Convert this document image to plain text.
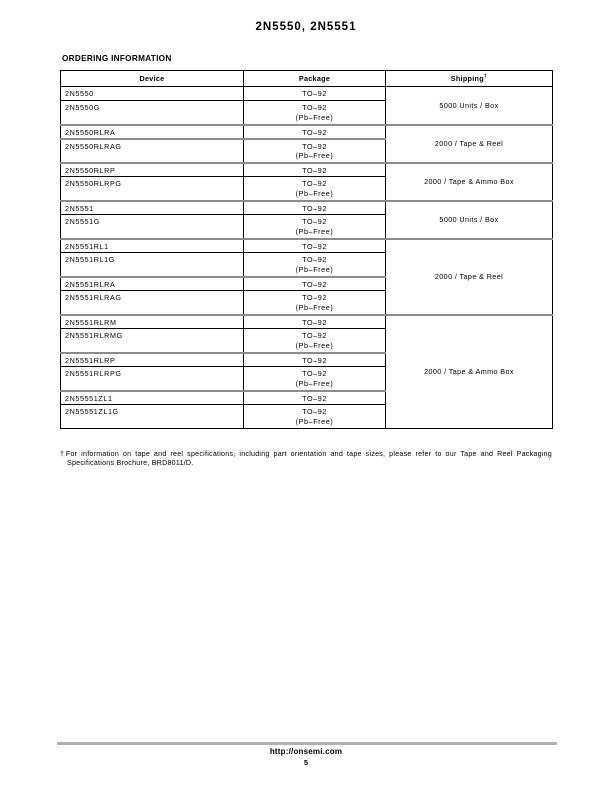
2N5550, 2N5551
ORDERING INFORMATION
Device	Package	Shipping†
2N5550	TO–92	5000 Units / Box
2N5550G	TO–92
(Pb–Free)	

2N5550RLRA	TO–92	2000 / Tape & Reel
2N5550RLRAG	TO–92
(Pb–Free)	

2N5550RLRP	TO–92	2000 / Tape & Ammo Box
2N5550RLRPG	TO–92
(Pb–Free)	

2N5551	TO–92	5000 Units / Box
2N5551G	TO–92
(Pb–Free)	

2N5551RL1	TO–92	2000 / Tape & Reel
2N5551RL1G	TO–92
(Pb–Free)	

2N5551RLRA	TO–92	

2N5551RLRAG	TO–92
(Pb–Free)	

2N5551RLRM	TO–92	2000 / Tape & Ammo Box
2N5551RLRMG	TO–92
(Pb–Free)	

2N5551RLRP	TO–92	

2N5551RLRPG	TO–92
(Pb–Free)	

2N55551ZL1	TO–92	

2N55551ZL1G	TO–92
(Pb–Free)	
†For information on tape and reel specifications, including part orientation and tape sizes, please refer to our Tape and Reel Packaging
Specifications Brochure, BRD8011/D.
http://onsemi.com
5
